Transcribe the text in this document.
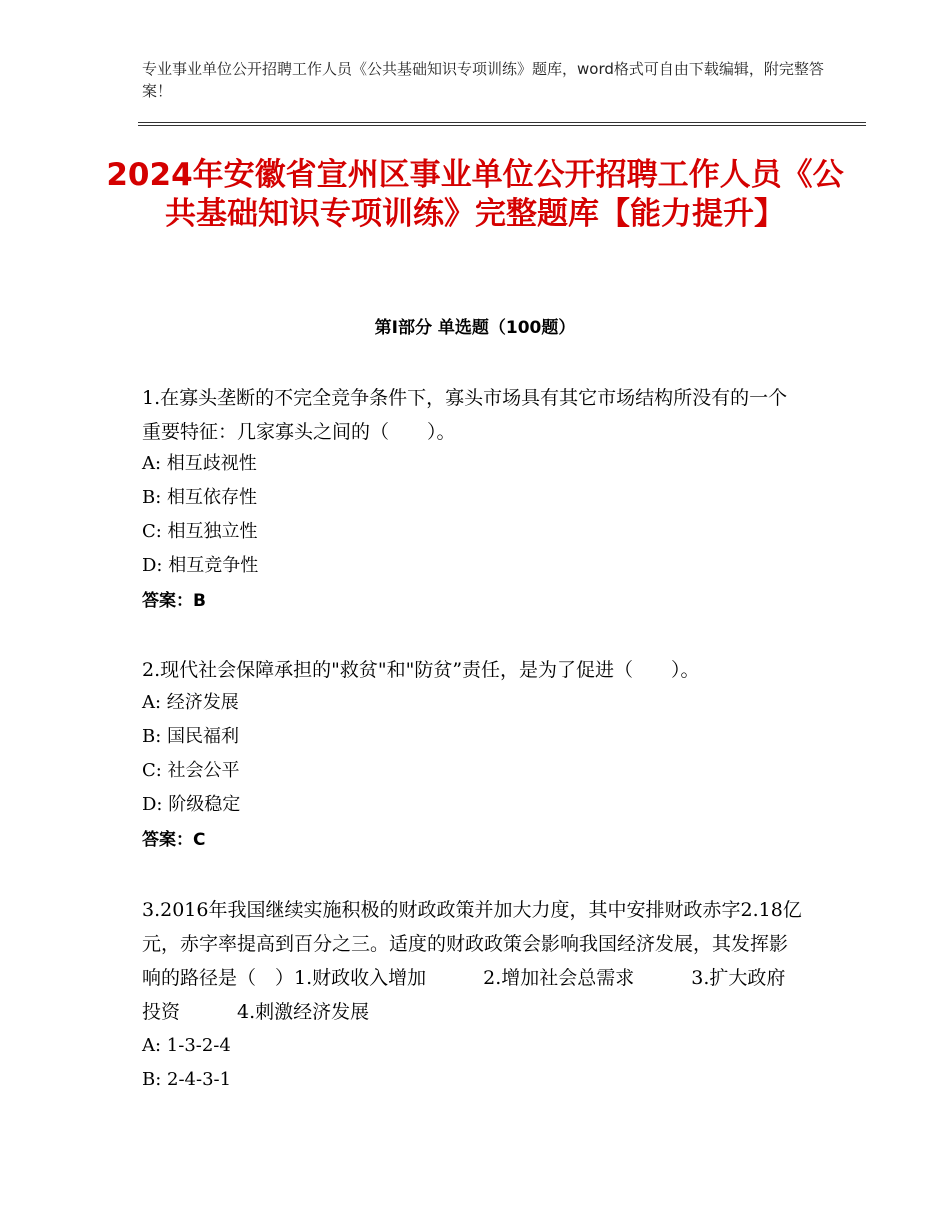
专业事业单位公开招聘工作人员《公共基础知识专项训练》题库，word格式可自由下载编辑，附完整答案！
2024年安徽省宣州区事业单位公开招聘工作人员《公共基础知识专项训练》完整题库【能力提升】
第Ⅰ部分 单选题（100题）
1.在寡头垄断的不完全竞争条件下，寡头市场具有其它市场结构所没有的一个重要特征：几家寡头之间的（　　）。
A: 相互歧视性
B: 相互依存性
C: 相互独立性
D: 相互竞争性
答案：B
2.现代社会保障承担的"救贫"和"防贫”责任，是为了促进（　　）。
A: 经济发展
B: 国民福利
C: 社会公平
D: 阶级稳定
答案：C
3.2016年我国继续实施积极的财政政策并加大力度，其中安排财政赤字2.18亿元，赤字率提高到百分之三。适度的财政政策会影响我国经济发展，其发挥影响的路径是（　）1.财政收入增加　　　2.增加社会总需求　　　3.扩大政府投资　　　4.刺激经济发展
A: 1-3-2-4
B: 2-4-3-1
